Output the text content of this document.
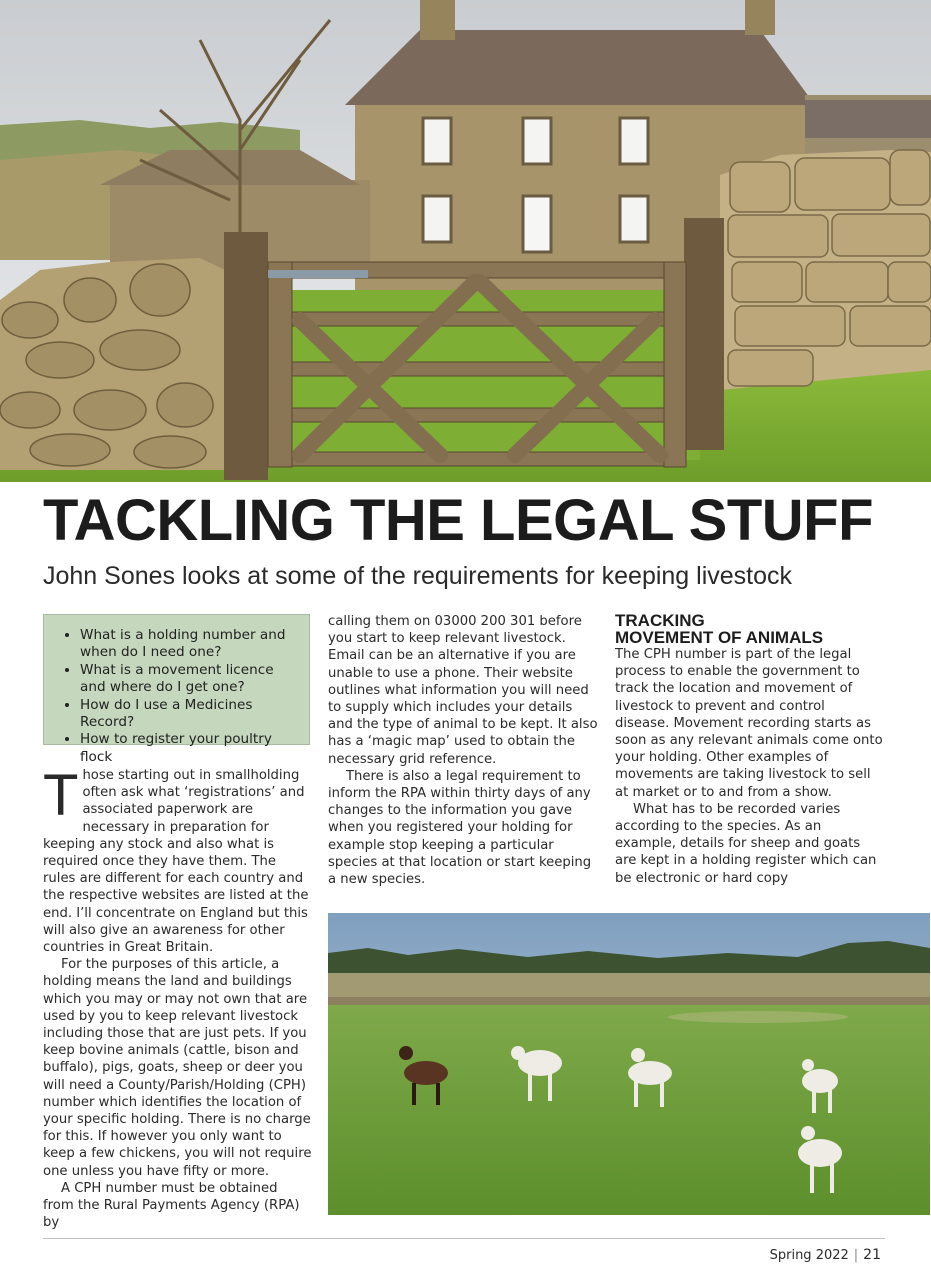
TACKLING THE LEGAL STUFF

John Sones looks at some of the requirements for keeping livestock

• What is a holding number and when do I need one?
• What is a movement licence and where do I get one?
• How do I use a Medicines Record?
• How to register your poultry flock

Those starting out in smallholding often ask what ‘registrations’ and associated paperwork are necessary in preparation for keeping any stock and also what is required once they have them. The rules are different for each country and the respective websites are listed at the end. I’ll concentrate on England but this will also give an awareness for other countries in Great Britain.

For the purposes of this article, a holding means the land and buildings which you may or may not own that are used by you to keep relevant livestock including those that are just pets. If you keep bovine animals (cattle, bison and buffalo), pigs, goats, sheep or deer you will need a County/Parish/Holding (CPH) number which identifies the location of your specific holding. There is no charge for this. If however you only want to keep a few chickens, you will not require one unless you have fifty or more.

A CPH number must be obtained from the Rural Payments Agency (RPA) by

calling them on 03000 200 301 before you start to keep relevant livestock. Email can be an alternative if you are unable to use a phone. Their website outlines what information you will need to supply which includes your details and the type of animal to be kept. It also has a ‘magic map’ used to obtain the necessary grid reference.

There is also a legal requirement to inform the RPA within thirty days of any changes to the information you gave when you registered your holding for example stop keeping a particular species at that location or start keeping a new species.

TRACKING
MOVEMENT OF ANIMALS

The CPH number is part of the legal process to enable the government to track the location and movement of livestock to prevent and control disease. Movement recording starts as soon as any relevant animals come onto your holding. Other examples of movements are taking livestock to sell at market or to and from a show.

What has to be recorded varies according to the species. As an example, details for sheep and goats are kept in a holding register which can be electronic or hard copy

Spring 2022 | 21
